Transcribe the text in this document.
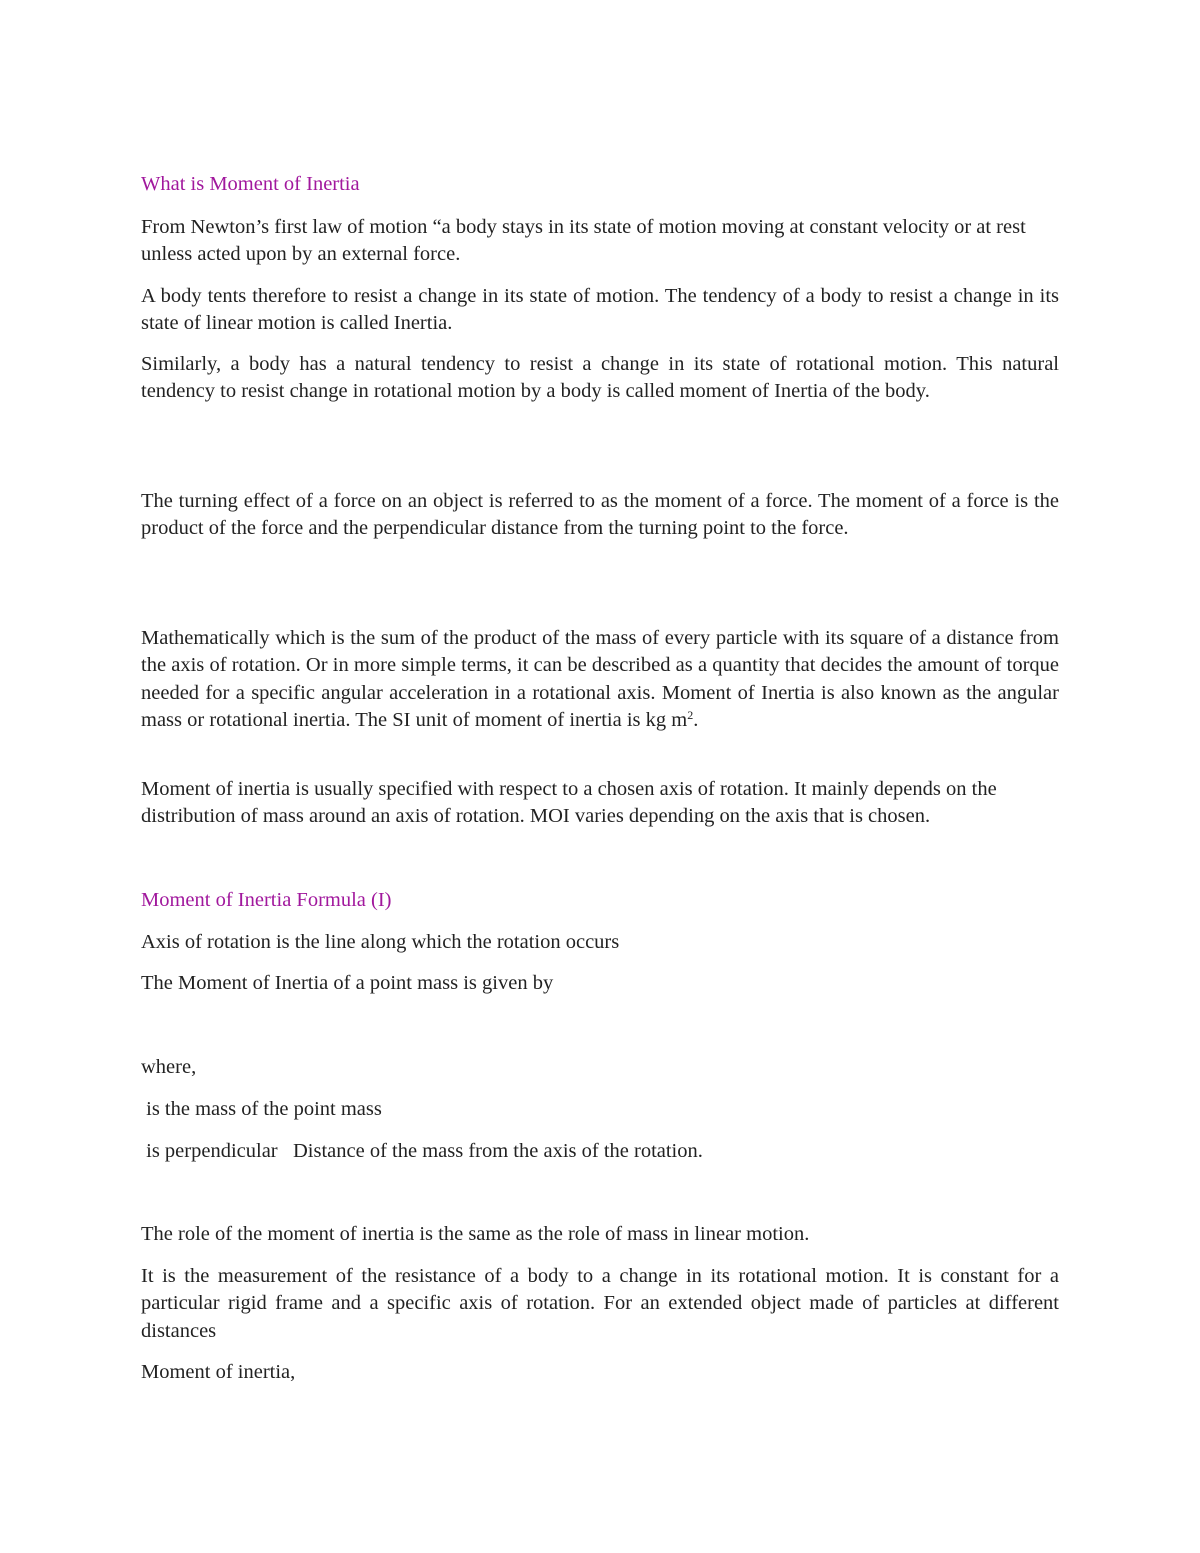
What is Moment of Inertia

From Newton’s first law of motion “a body stays in its state of motion moving at constant velocity or at rest unless acted upon by an external force.

A body tents therefore to resist a change in its state of motion. The tendency of a body to resist a change in its state of linear motion is called Inertia.

Similarly, a body has a natural tendency to resist a change in its state of rotational motion. This natural tendency to resist change in rotational motion by a body is called moment of Inertia of the body.

The turning effect of a force on an object is referred to as the moment of a force. The moment of a force is the product of the force and the perpendicular distance from the turning point to the force.

Mathematically which is the sum of the product of the mass of every particle with its square of a distance from the axis of rotation. Or in more simple terms, it can be described as a quantity that decides the amount of torque needed for a specific angular acceleration in a rotational axis. Moment of Inertia is also known as the angular mass or rotational inertia. The SI unit of moment of inertia is kg $m^2$.

Moment of inertia is usually specified with respect to a chosen axis of rotation. It mainly depends on the distribution of mass around an axis of rotation. MOI varies depending on the axis that is chosen.

Moment of Inertia Formula (I)

Axis of rotation is the line along which the rotation occurs

The Moment of Inertia of a point mass is given by

where,

is the mass of the point mass

is perpendicular   Distance of the mass from the axis of the rotation.

The role of the moment of inertia is the same as the role of mass in linear motion.

It is the measurement of the resistance of a body to a change in its rotational motion. It is constant for a particular rigid frame and a specific axis of rotation. For an extended object made of particles at different distances

Moment of inertia,
